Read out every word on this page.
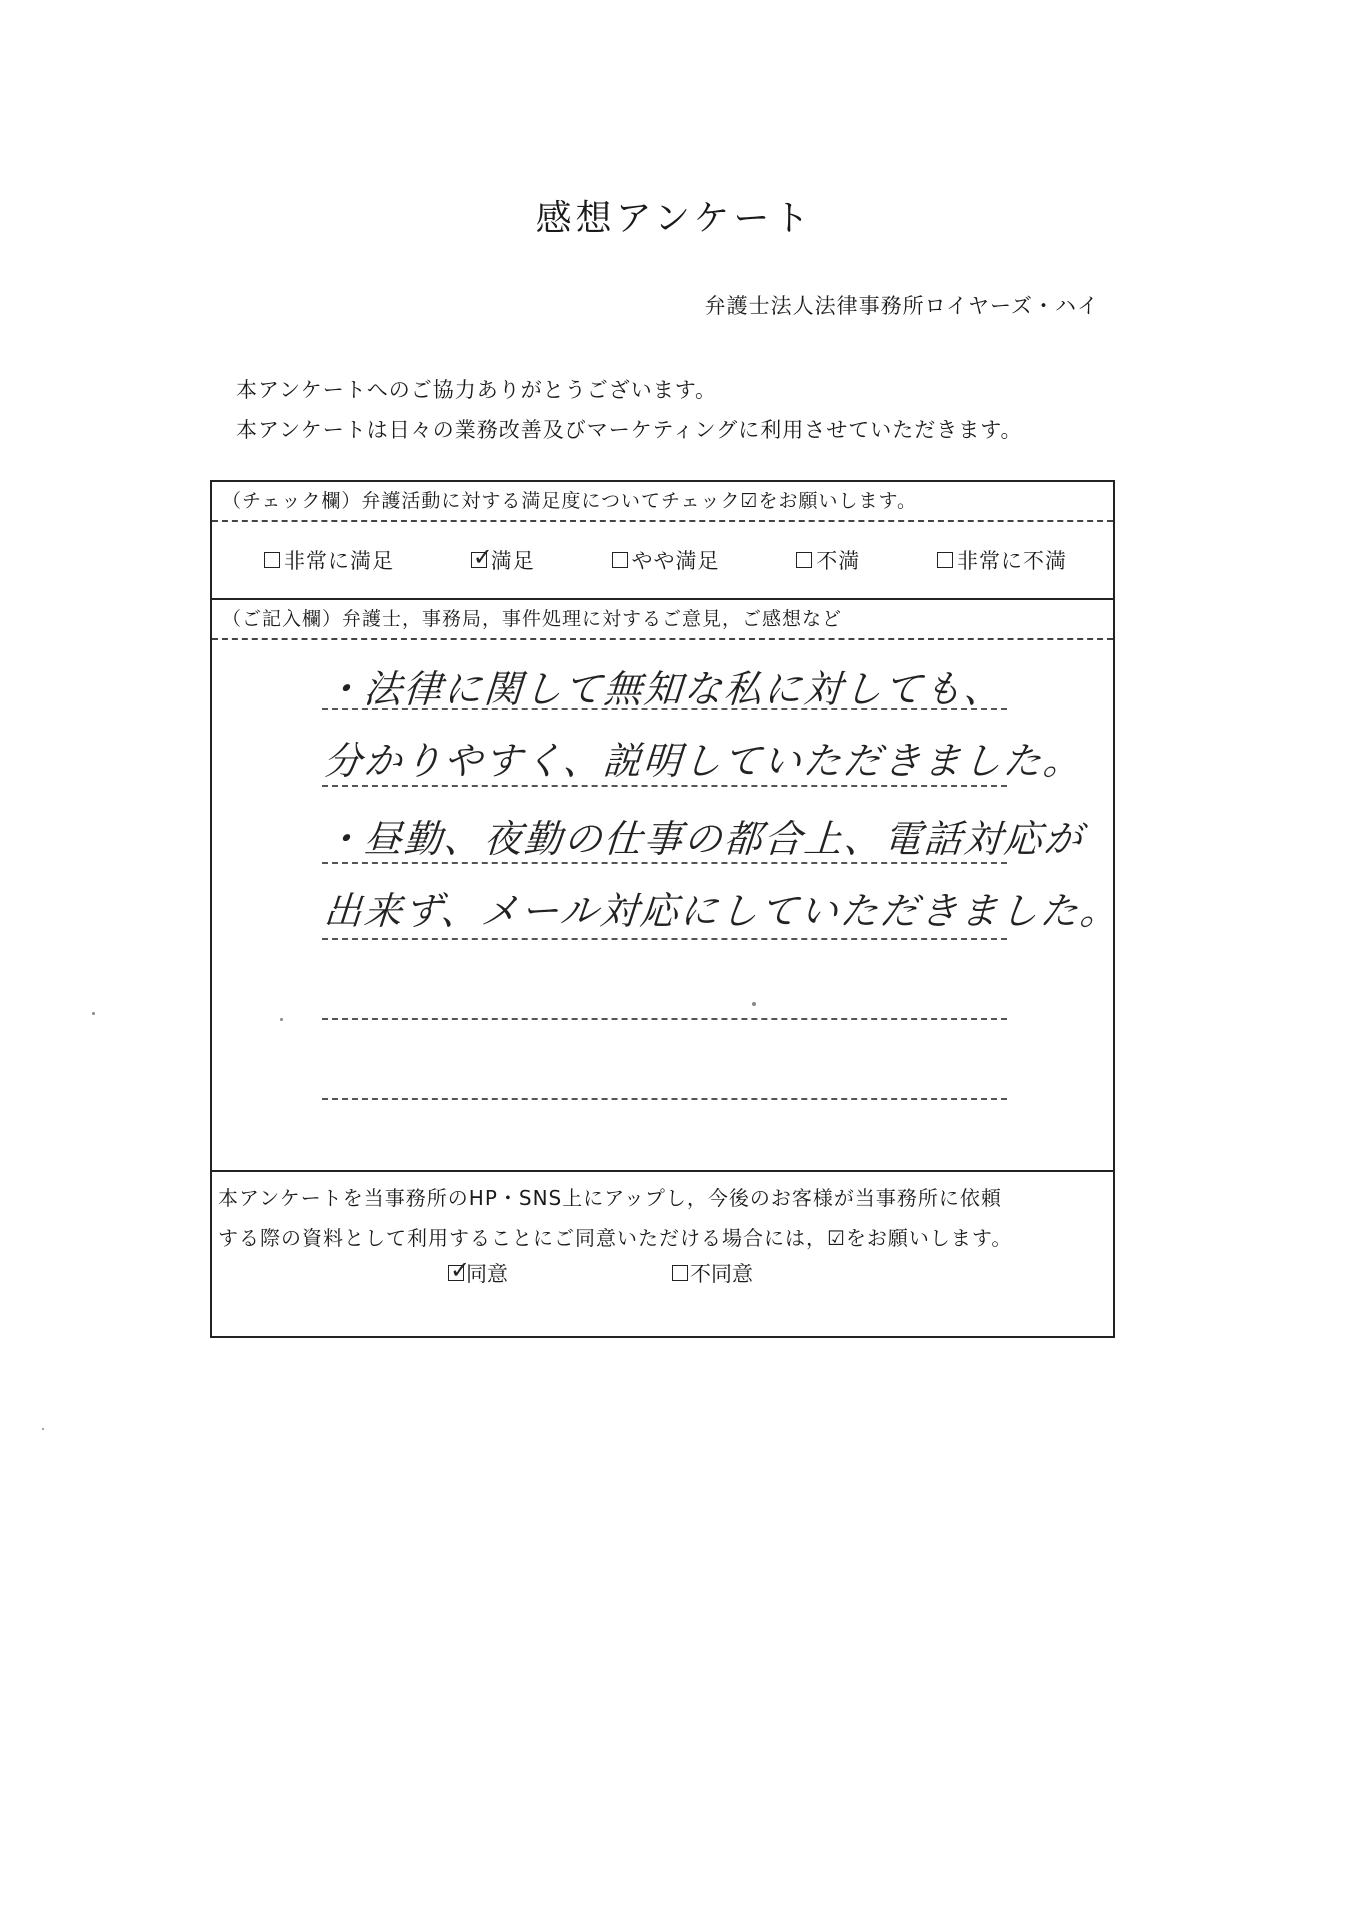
感想アンケート
弁護士法人法律事務所ロイヤーズ・ハイ

本アンケートへのご協力ありがとうございます。

本アンケートは日々の業務改善及びマーケティングに利用させていただきます。

（チェック欄）弁護活動に対する満足度についてチェック☑をお願いします。
非常に満足	✓
満足	やや満足	不満	非常に不満
（ご記入欄）弁護士，事務局，事件処理に対するご意見，ご感想など
・法律に関して無知な私に対しても、
分かりやすく、説明していただきました。
・昼勤、夜勤の仕事の都合上、電話対応が
出来ず、メール対応にしていただきました。

本アンケートを当事務所のHP・SNS上にアップし，今後のお客様が当事務所に依頼

する際の資料として利用することにご同意いただける場合には，☑をお願いします。

✓
同意	不同意
